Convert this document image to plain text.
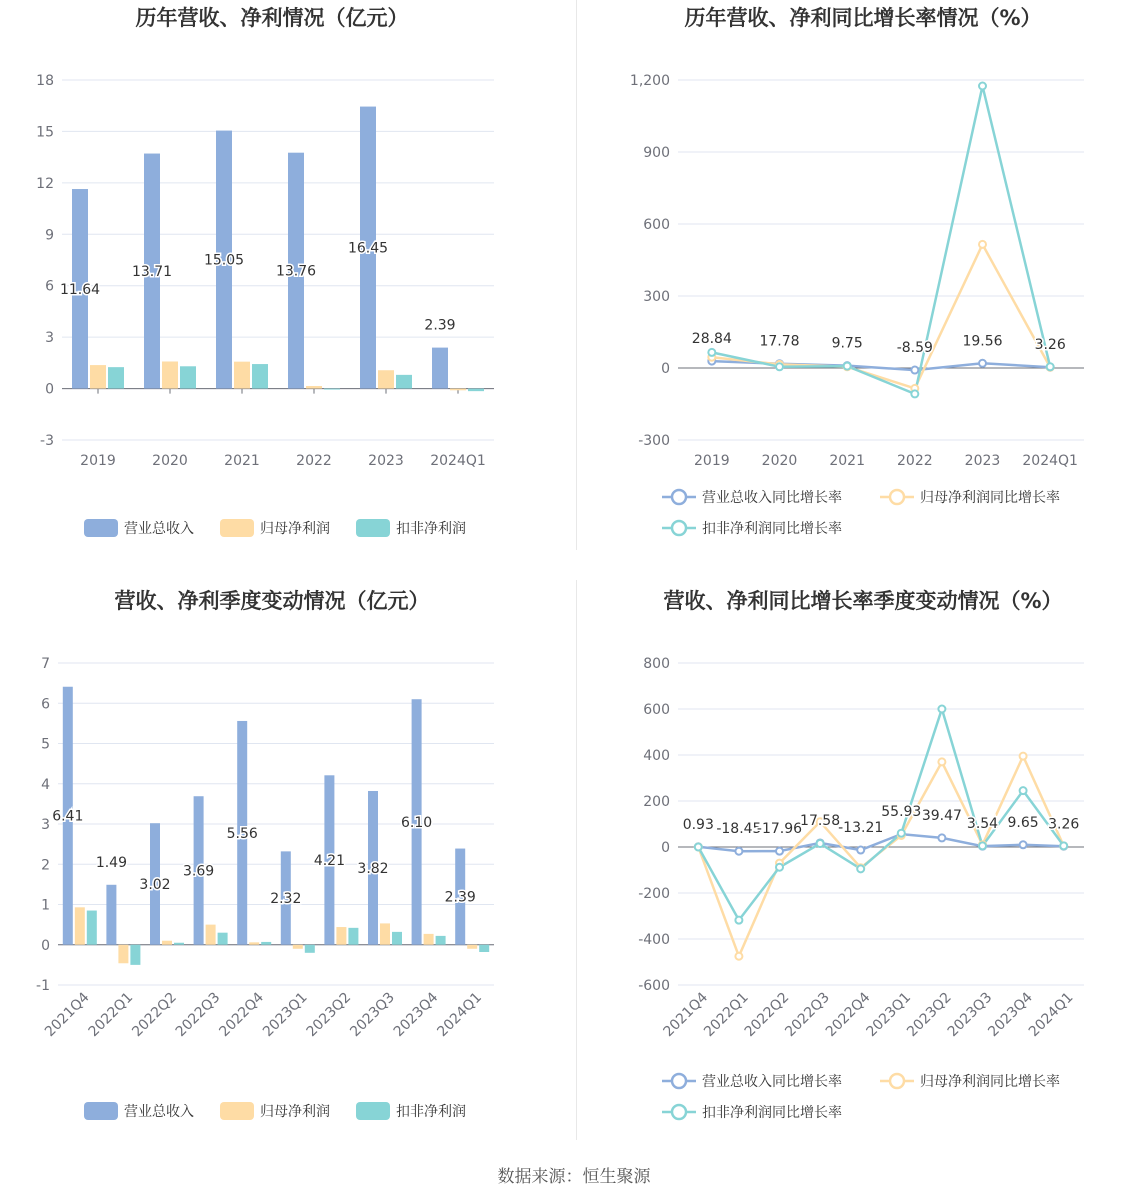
历年营收、净利情况（亿元）
-3
0
3
6
9
12
15
18
2019	2020	2021	2022	2023 2024Q1
11.64
13.71
15.05
13.76
16.45
2.39
营业总收入	归母净利润	扣非净利润
历年营收、净利同比增长率情况（%）
-300
0
300
600
900
1,200
2019 2020 2021 2022 2023 2024Q1
28.84 17.78 9.75 -8.59 19.56 3.26
营业总收入同比增长率	归母净利润同比增长率
扣非净利润同比增长率
营收、净利季度变动情况（亿元）
-1
0
1
2
3
4
5
6
7
2021Q4
2022Q1
2022Q2
2022Q3
2022Q4
2023Q1
2023Q2
2023Q3
2023Q4
2024Q1
6.41
1.49
3.02
3.69
5.56
2.32
4.21 3.82
6.10
2.39
营业总收入	归母净利润	扣非净利润
营收、净利同比增长率季度变动情况（%）
-600
-400
-200
0
200
400
600
800
2021Q4
2022Q1
2022Q2
2022Q3
2022Q4
2023Q1
2023Q2
2023Q3
2023Q4
2024Q1
0.93 -18.45
-17.96
17.58
-13.21
55.93 39.47
3.54 9.65 3.26
营业总收入同比增长率	归母净利润同比增长率
扣非净利润同比增长率
数据来源：恒生聚源
